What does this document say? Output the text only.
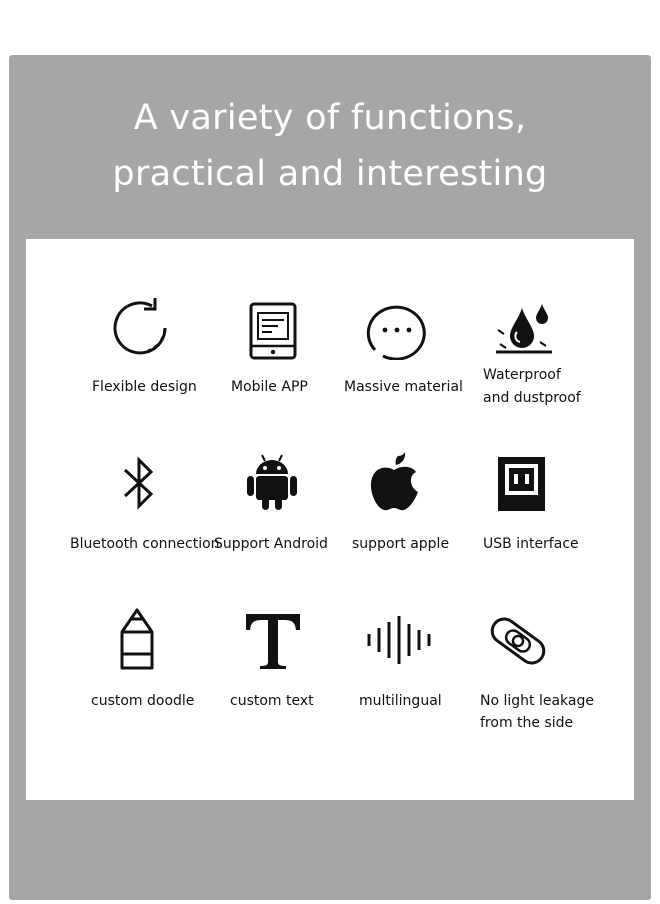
A variety of functions,
practical and interesting
Flexible design Mobile APP	Massive material
Waterproof
and dustproof
Bluetooth connection
Support Android support apple USB interface
custom doodle	custom text	multilingual	No light leakage
from the side
